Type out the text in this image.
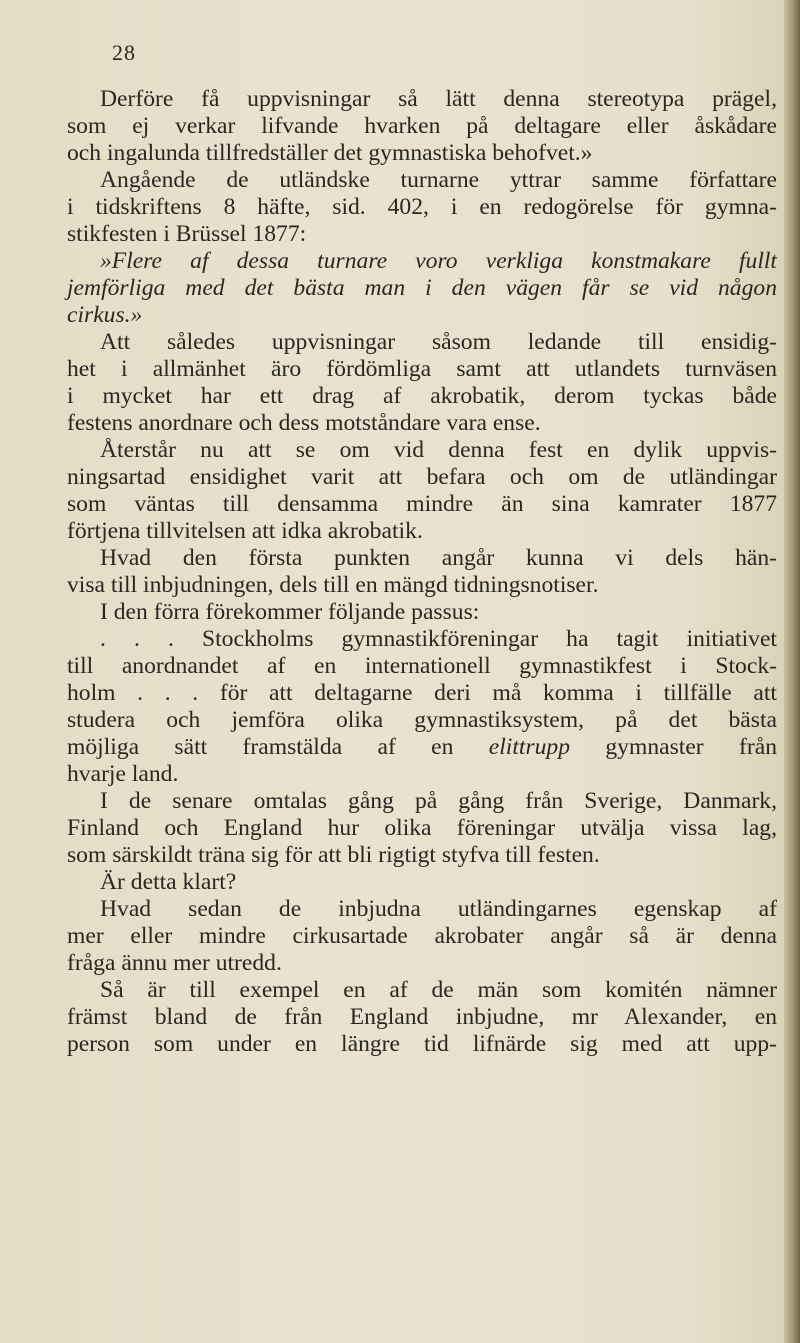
28
Derföre få uppvisningar så lätt denna stereotypa prägel,
som ej verkar lifvande hvarken på deltagare eller åskådare
och ingalunda tillfredställer det gymnastiska behofvet.»
Angående de utländske turnarne yttrar samme författare
i tidskriftens 8 häfte, sid. 402, i en redogörelse för gymna-
stikfesten i Brüssel 1877:
»Flere af dessa turnare voro verkliga konstmakare fullt
jemförliga med det bästa man i den vägen får se vid någon
cirkus.»
Att således uppvisningar såsom ledande till ensidig-
het i allmänhet äro fördömliga samt att utlandets turnväsen
i mycket har ett drag af akrobatik, derom tyckas både
festens anordnare och dess motståndare vara ense.
Återstår nu att se om vid denna fest en dylik uppvis-
ningsartad ensidighet varit att befara och om de utländingar
som väntas till densamma mindre än sina kamrater 1877
förtjena tillvitelsen att idka akrobatik.
Hvad den första punkten angår kunna vi dels hän-
visa till inbjudningen, dels till en mängd tidningsnotiser.
I den förra förekommer följande passus:
. . . Stockholms gymnastikföreningar ha tagit initiativet
till anordnandet af en internationell gymnastikfest i Stock-
holm . . . för att deltagarne deri må komma i tillfälle att
studera och jemföra olika gymnastiksystem, på det bästa
möjliga sätt framstälda af en elittrupp gymnaster från
hvarje land.
I de senare omtalas gång på gång från Sverige, Danmark,
Finland och England hur olika föreningar utvälja vissa lag,
som särskildt träna sig för att bli rigtigt styfva till festen.
Är detta klart?
Hvad sedan de inbjudna utländingarnes egenskap af
mer eller mindre cirkusartade akrobater angår så är denna
fråga ännu mer utredd.
Så är till exempel en af de män som komitén nämner
främst bland de från England inbjudne, mr Alexander, en
person som under en längre tid lifnärde sig med att upp-
